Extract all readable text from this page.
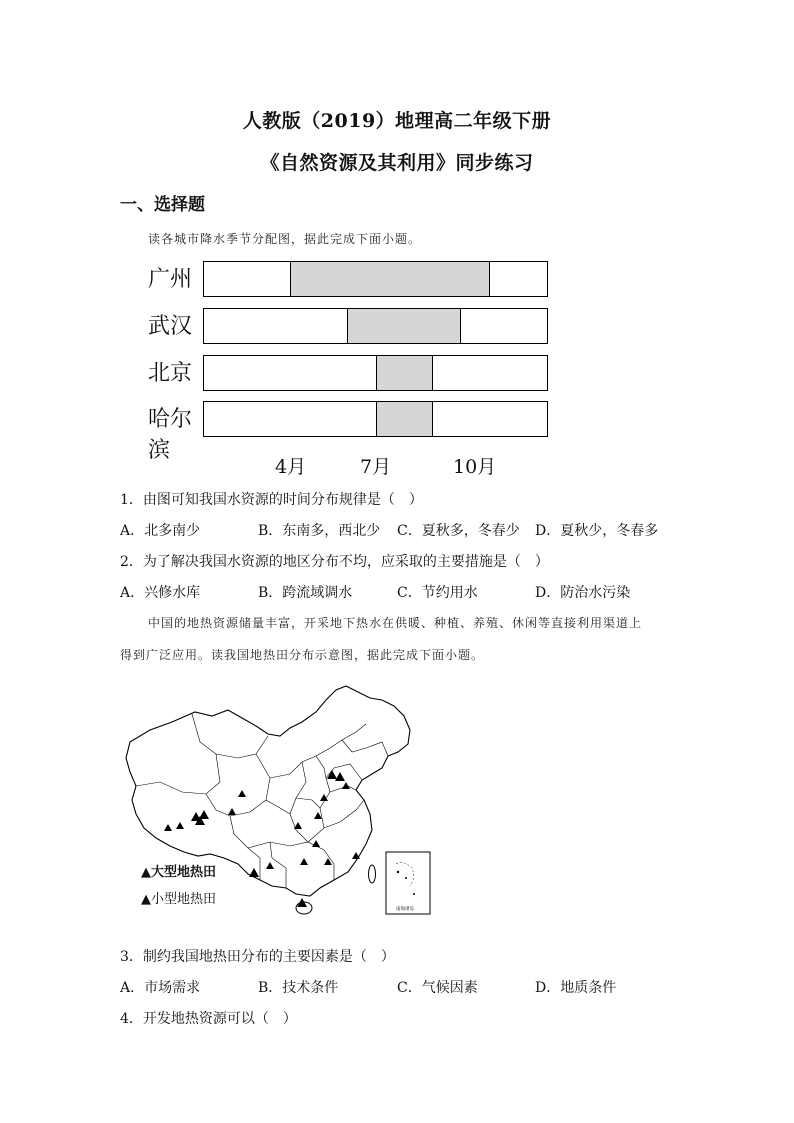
人教版（2019）地理高二年级下册
《自然资源及其利用》同步练习
一、选择题
读各城市降水季节分配图，据此完成下面小题。
广州
武汉
北京
哈尔滨
4月	7月	10月
1．由图可知我国水资源的时间分布规律是（　）
A．北多南少	B．东南多，西北少 C．夏秋多，冬春少 D．夏秋少，冬春多
2．为了解决我国水资源的地区分布不均，应采取的主要措施是（　）
A．兴修水库	B．跨流域调水	C．节约用水	D．防治水污染
中国的地热资源储量丰富，开采地下热水在供暖、种植、养殖、休闲等直接利用渠道上
得到广泛应用。读我国地热田分布示意图，据此完成下面小题。
南海诸岛
▲大型地热田
▲小型地热田
3．制约我国地热田分布的主要因素是（　）
A．市场需求	B．技术条件	C．气候因素	D．地质条件
4．开发地热资源可以（　）
